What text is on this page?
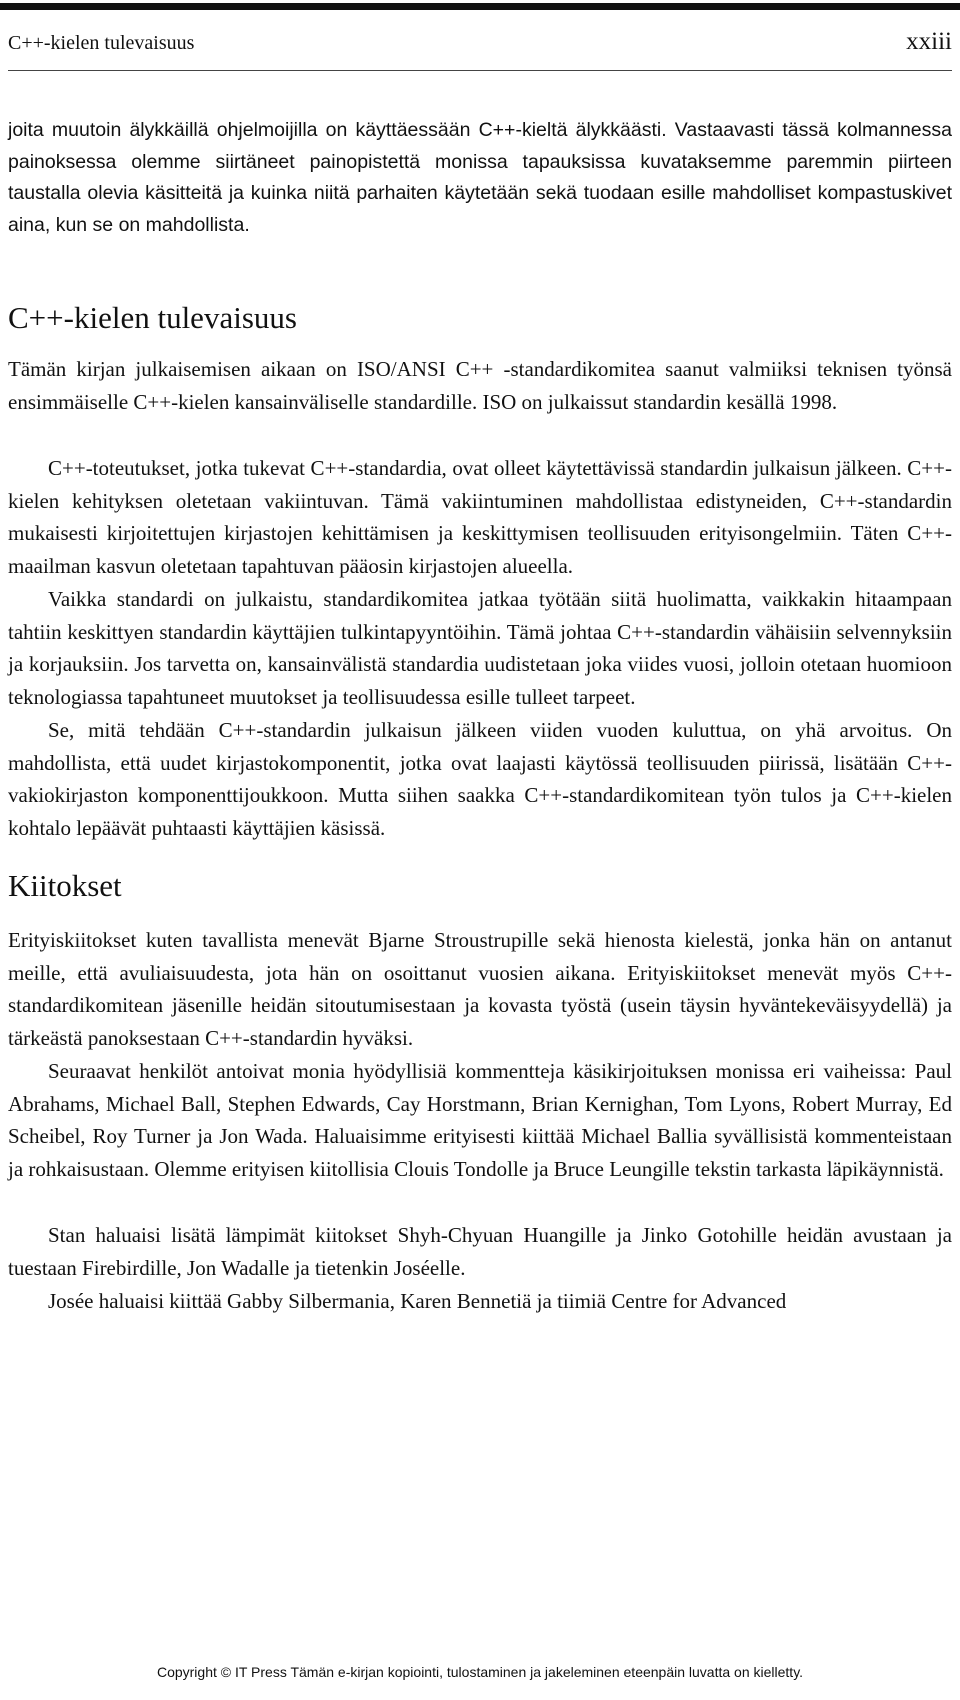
C++-kielen tulevaisuus	xxiii

joita muutoin älykkäillä ohjelmoijilla on käyttäessään C++-kieltä älykkäästi. Vastaavasti tässä kolmannessa painoksessa olemme siirtäneet painopistettä monissa tapauksissa kuvataksemme paremmin piirteen taustalla olevia käsitteitä ja kuinka niitä parhaiten käytetään sekä tuodaan esille mahdolliset kompastuskivet aina, kun se on mahdollista.

C++-kielen tulevaisuus

Tämän kirjan julkaisemisen aikaan on ISO/ANSI C++ -standardikomitea saanut valmiiksi teknisen työnsä ensimmäiselle C++-kielen kansainväliselle standardille. ISO on julkaissut standardin kesällä 1998.

C++-toteutukset, jotka tukevat C++-standardia, ovat olleet käytettävissä standardin julkaisun jälkeen. C++-kielen kehityksen oletetaan vakiintuvan. Tämä vakiintuminen mahdollistaa edistyneiden, C++-standardin mukaisesti kirjoitettujen kirjastojen kehittämisen ja keskittymisen teollisuuden erityisongelmiin. Täten C++-maailman kasvun oletetaan tapahtuvan pääosin kirjastojen alueella.

Vaikka standardi on julkaistu, standardikomitea jatkaa työtään siitä huolimatta, vaikkakin hitaampaan tahtiin keskittyen standardin käyttäjien tulkintapyyntöihin. Tämä johtaa C++-standardin vähäisiin selvennyksiin ja korjauksiin. Jos tarvetta on, kansainvälistä standardia uudistetaan joka viides vuosi, jolloin otetaan huomioon teknologiassa tapahtuneet muutokset ja teollisuudessa esille tulleet tarpeet.

Se, mitä tehdään C++-standardin julkaisun jälkeen viiden vuoden kuluttua, on yhä arvoitus. On mahdollista, että uudet kirjastokomponentit, jotka ovat laajasti käytössä teollisuuden piirissä, lisätään C++-vakiokirjaston komponenttijoukkoon. Mutta siihen saakka C++-standardikomitean työn tulos ja C++-kielen kohtalo lepäävät puhtaasti käyttäjien käsissä.

Kiitokset

Erityiskiitokset kuten tavallista menevät Bjarne Stroustrupille sekä hienosta kielestä, jonka hän on antanut meille, että avuliaisuudesta, jota hän on osoittanut vuosien aikana. Erityiskiitokset menevät myös C++-standardikomitean jäsenille heidän sitoutumisestaan ja kovasta työstä (usein täysin hyväntekeväisyydellä) ja tärkeästä panoksestaan C++-standardin hyväksi.

Seuraavat henkilöt antoivat monia hyödyllisiä kommentteja käsikirjoituksen monissa eri vaiheissa: Paul Abrahams, Michael Ball, Stephen Edwards, Cay Horstmann, Brian Kernighan, Tom Lyons, Robert Murray, Ed Scheibel, Roy Turner ja Jon Wada. Haluaisimme erityisesti kiittää Michael Ballia syvällisistä kommenteistaan ja rohkaisustaan. Olemme erityisen kiitollisia Clouis Tondolle ja Bruce Leungille tekstin tarkasta läpikäynnistä.

Stan haluaisi lisätä lämpimät kiitokset Shyh-Chyuan Huangille ja Jinko Gotohille heidän avustaan ja tuestaan Firebirdille, Jon Wadalle ja tietenkin Joséelle.

Josée haluaisi kiittää Gabby Silbermania, Karen Bennetiä ja tiimiä Centre for Advanced

Copyright © IT Press Tämän e-kirjan kopiointi, tulostaminen ja jakeleminen eteenpäin luvatta on kielletty.
